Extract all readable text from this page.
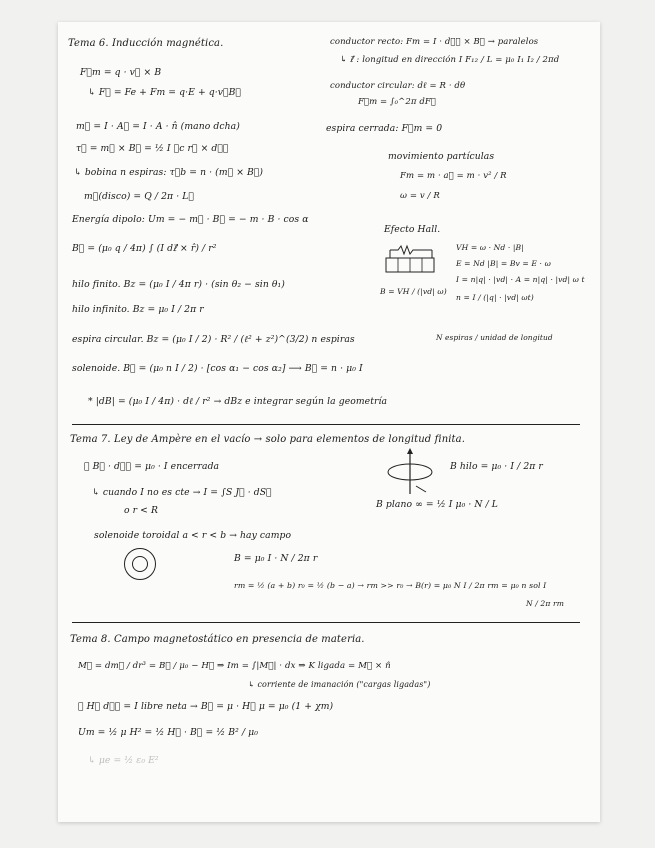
Tema 6. Inducción magnética.
F⃗m = q · v⃗ × B
↳ F⃗ = Fe + Fm = q·E + q·v⃗B⃗
m⃗ = I · A⃗ = I · A · n̂ (mano dcha)
τ⃗ = m⃗ × B⃗ = ½ I ∮c r⃗ × dℓ⃗
↳ bobina n espiras: τ⃗b = n · (m⃗ × B⃗)
m⃗(disco) = Q / 2π · L⃗
Energía dipolo: Um = − m⃗ · B⃗ = − m · B · cos α
B⃗ = (μ₀ q / 4π) ∫ (I dℓ⃗ × r̂) / r²
hilo finito. Bz = (μ₀ I / 4π r) · (sin θ₂ − sin θ₁)
hilo infinito. Bz = μ₀ I / 2π r
espira circular. Bz = (μ₀ I / 2) · R² / (ℓ² + z²)^(3/2) n espiras
solenoide. B⃗ = (μ₀ n I / 2) · [cos α₁ − cos α₂] ⟶ B⃗ = n · μ₀ I
* |dB| = (μ₀ I / 4π) · dℓ / r² → dBz e integrar según la geometría
conductor recto: Fm = I · dℓ⃗ × B⃗ → paralelos
↳ ℓ⃗ : longitud en dirección I F₁₂ / L = μ₀ I₁ I₂ / 2πd
conductor circular: dℓ = R · dθ
F⃗m = ∫₀^2π dF⃗
espira cerrada: F⃗m = 0
movimiento partículas
Fm = m · a⃗ = m · v² / R
ω = v / R
Efecto Hall.
VH = ω · Nd · |B|
E = Nd |B| = Bv = E · ω
I = n|q| · |vd| · A = n|q| · |vd| ω t
n = I / (|q| · |vd| ωt)
B = VH / (|vd| ω)
N espiras / unidad de longitud
Tema 7. Ley de Ampère en el vacío → solo para elementos de longitud finita.
∮ B⃗ · dℓ⃗ = μ₀ · I encerrada
↳ cuando I no es cte → I = ∫S J⃗ · dS⃗
o r < R
solenoide toroidal a < r < b → hay campo
B = μ₀ I · N / 2π r
rm = ½ (a + b) r₀ = ½ (b − a) → rm >> r₀ → B(r) = μ₀ N I / 2π rm = μ₀ n sol I
N / 2π rm
B hilo = μ₀ · I / 2π r
B plano ∞ = ½ I μ₀ · N / L
Tema 8. Campo magnetostático en presencia de materia.
M⃗ = dm⃗ / dr³ = B⃗ / μ₀ − H⃗ ⇒ Im = ∫|M⃗| · dx ⇒ K ligada = M⃗ × n̂
↳ corriente de imanación ("cargas ligadas")
∮ H⃗ dℓ⃗ = I libre neta → B⃗ = μ · H⃗ μ = μ₀ (1 + χm)
Um = ½ μ H² = ½ H⃗ · B⃗ = ½ B² / μ₀
↳ μe = ½ ε₀ E²
